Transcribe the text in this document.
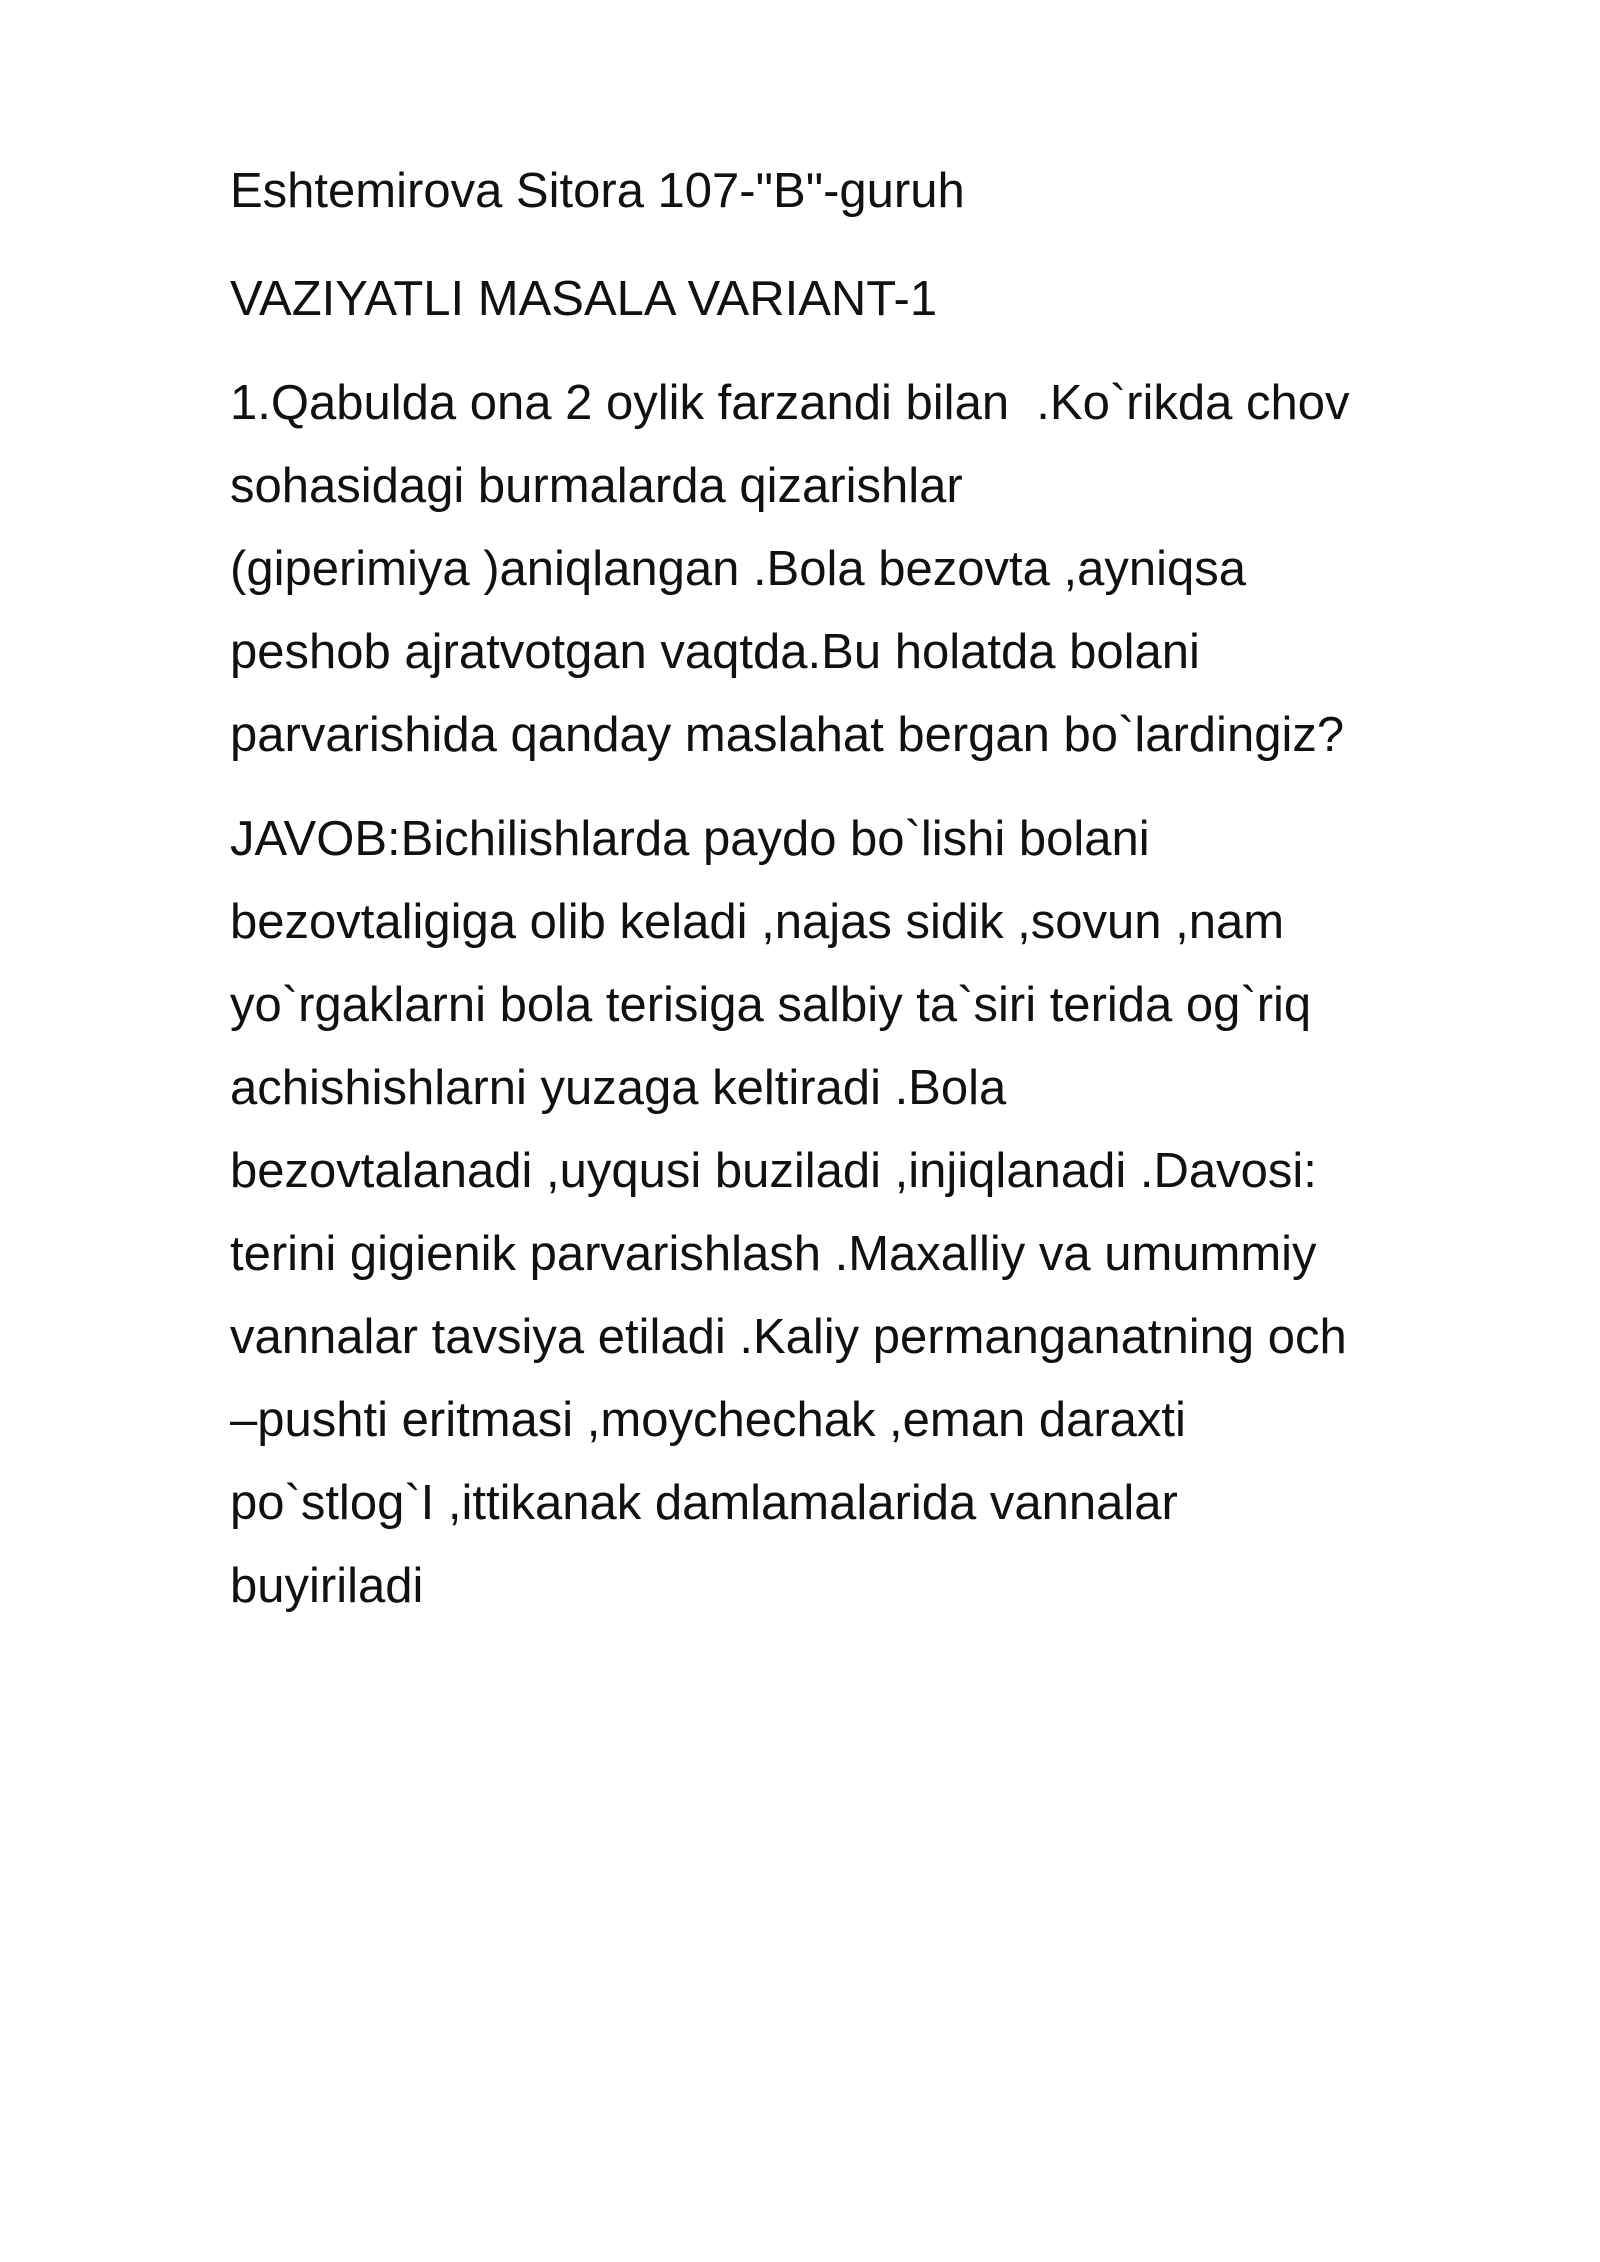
Eshtemirova Sitora 107-"B"-guruh
VAZIYATLI MASALA VARIANT-1
1.Qabulda ona 2 oylik farzandi bilan  .Ko`rikda chov
sohasidagi burmalarda qizarishlar
(giperimiya )aniqlangan .Bola bezovta ,ayniqsa
peshob ajratvotgan vaqtda.Bu holatda bolani
parvarishida qanday maslahat bergan bo`lardingiz?
JAVOB:Bichilishlarda paydo bo`lishi bolani
bezovtaligiga olib keladi ,najas sidik ,sovun ,nam
yo`rgaklarni bola terisiga salbiy ta`siri terida og`riq
achishishlarni yuzaga keltiradi .Bola
bezovtalanadi ,uyqusi buziladi ,injiqlanadi .Davosi:
terini gigienik parvarishlash .Maxalliy va umummiy
vannalar tavsiya etiladi .Kaliy permanganatning och
–pushti eritmasi ,moychechak ,eman daraxti
po`stlog`I ,ittikanak damlamalarida vannalar
buyiriladi
